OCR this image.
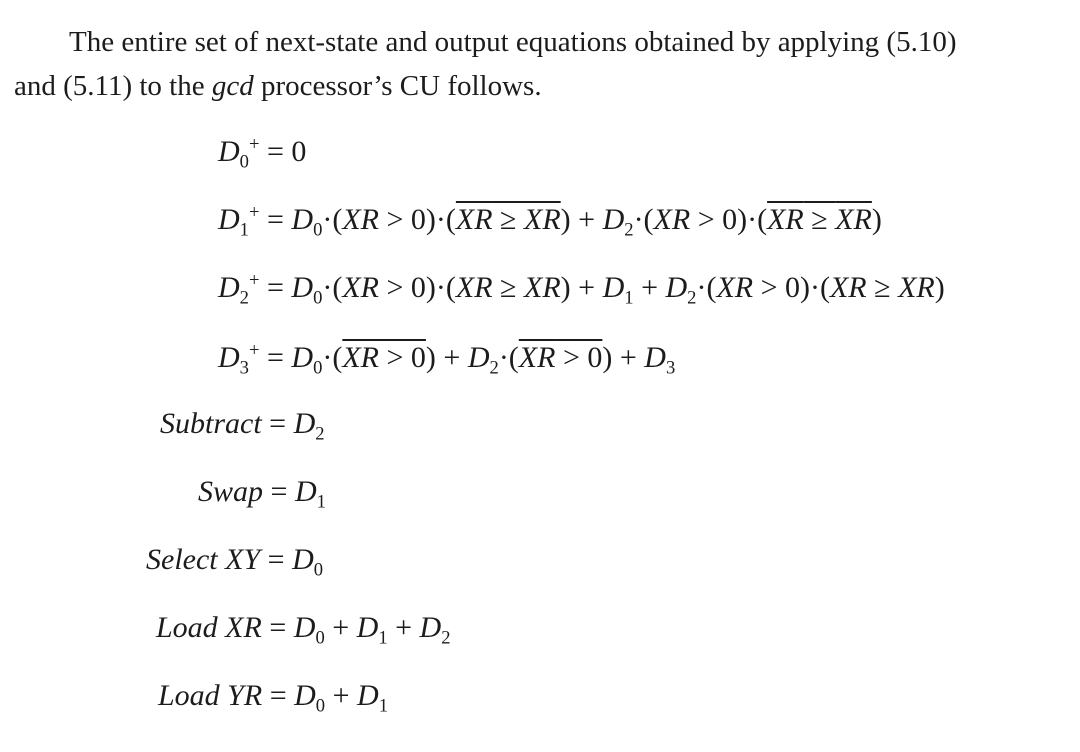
The entire set of next-state and output equations obtained by applying (5.10)
and (5.11) to the gcd processor’s CU follows.

$D_0^+ = 0$
$D_1^+ = D_0\cdot(XR > 0)\cdot(XR \ge XR) + D_2\cdot(XR > 0)\cdot(XR \ge XR)$
$D_2^+ = D_0\cdot(XR > 0)\cdot(XR \ge XR) + D_1 + D_2\cdot(XR > 0)\cdot(XR \ge XR)$
$D_3^+ = D_0\cdot(XR > 0) + D_2\cdot(XR > 0) + D_3$
Subtract = $D_2$
Swap = $D_1$
Select XY = $D_0$
Load XR = $D_0 + D_1 + D_2$
Load YR = $D_0 + D_1$
